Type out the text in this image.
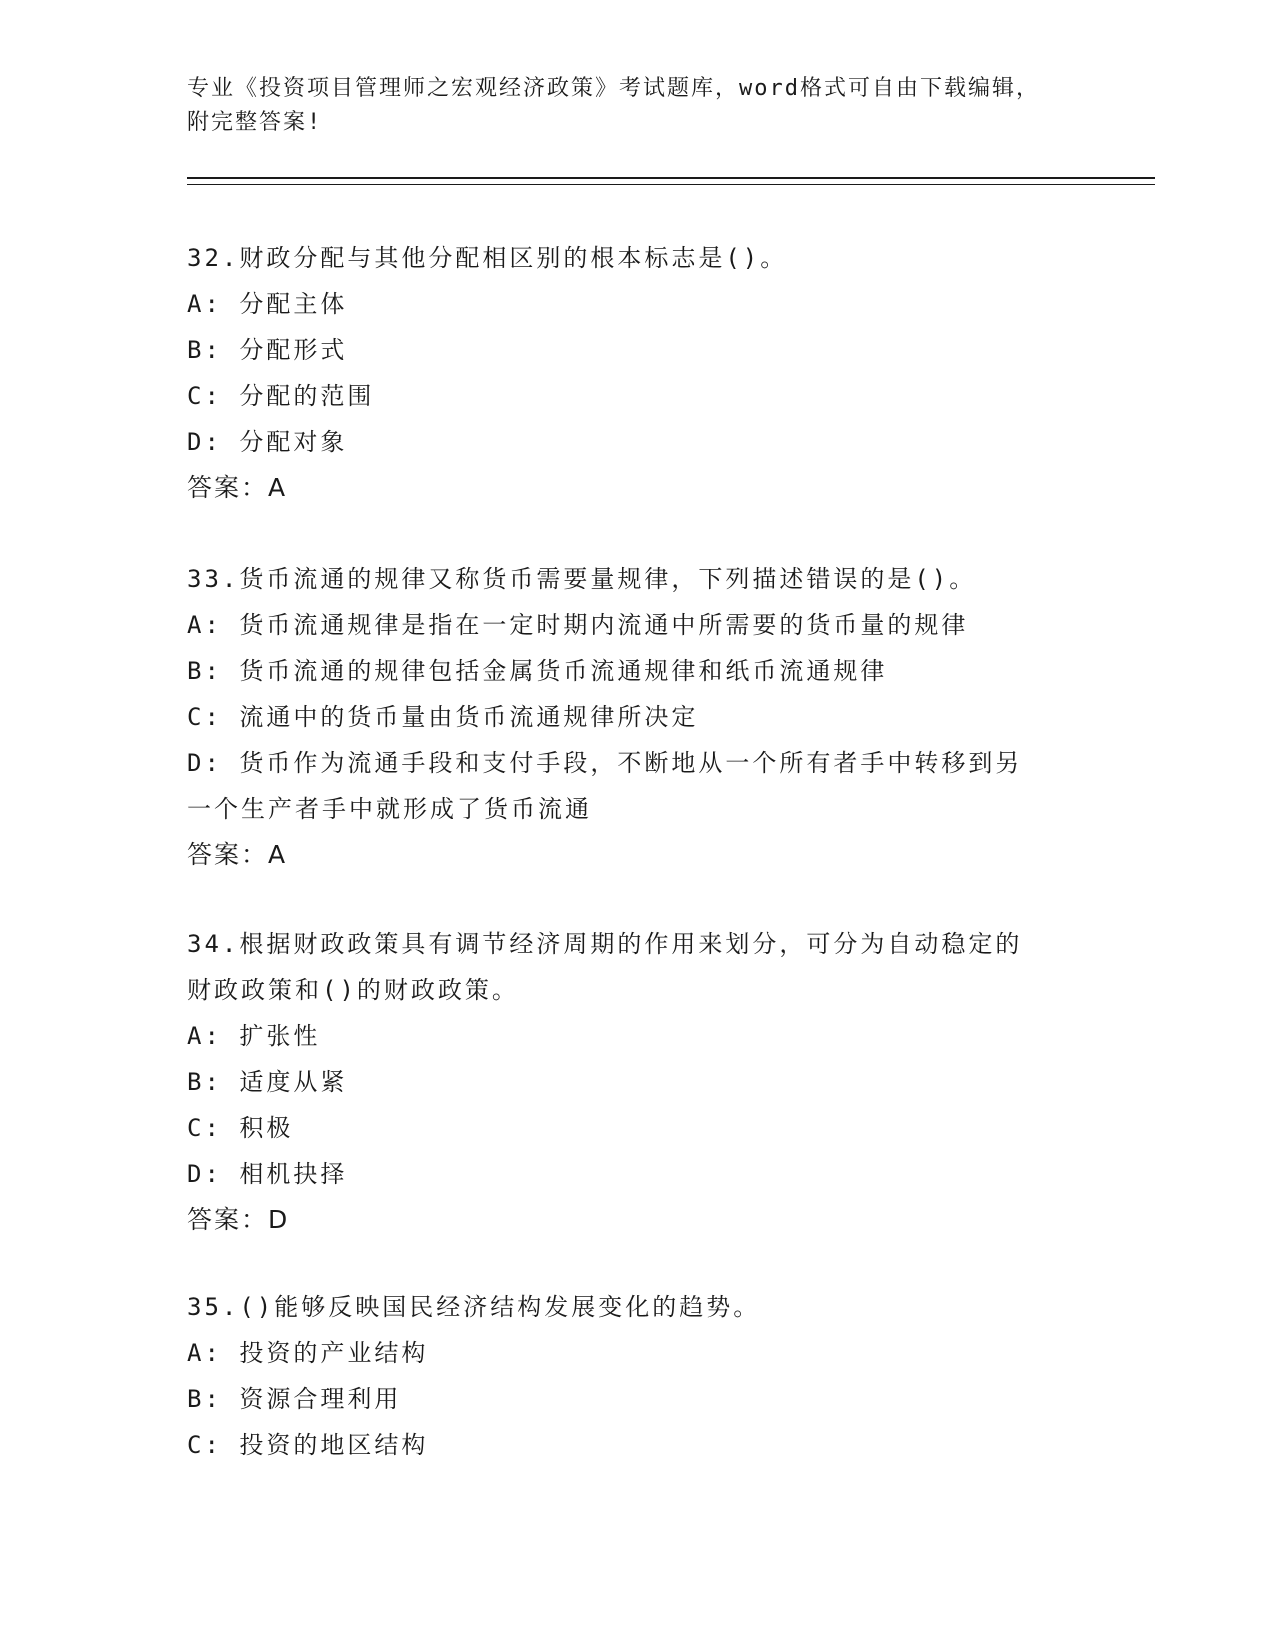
专业《投资项目管理师之宏观经济政策》考试题库，word格式可自由下载编辑，
附完整答案!
32.财政分配与其他分配相区别的根本标志是()。
A: 分配主体
B: 分配形式
C: 分配的范围
D: 分配对象
答案：A
33.货币流通的规律又称货币需要量规律，下列描述错误的是()。
A: 货币流通规律是指在一定时期内流通中所需要的货币量的规律
B: 货币流通的规律包括金属货币流通规律和纸币流通规律
C: 流通中的货币量由货币流通规律所决定
D: 货币作为流通手段和支付手段，不断地从一个所有者手中转移到另
一个生产者手中就形成了货币流通
答案：A
34.根据财政政策具有调节经济周期的作用来划分，可分为自动稳定的
财政政策和()的财政政策。
A: 扩张性
B: 适度从紧
C: 积极
D: 相机抉择
答案：D
35.()能够反映国民经济结构发展变化的趋势。
A: 投资的产业结构
B: 资源合理利用
C: 投资的地区结构
